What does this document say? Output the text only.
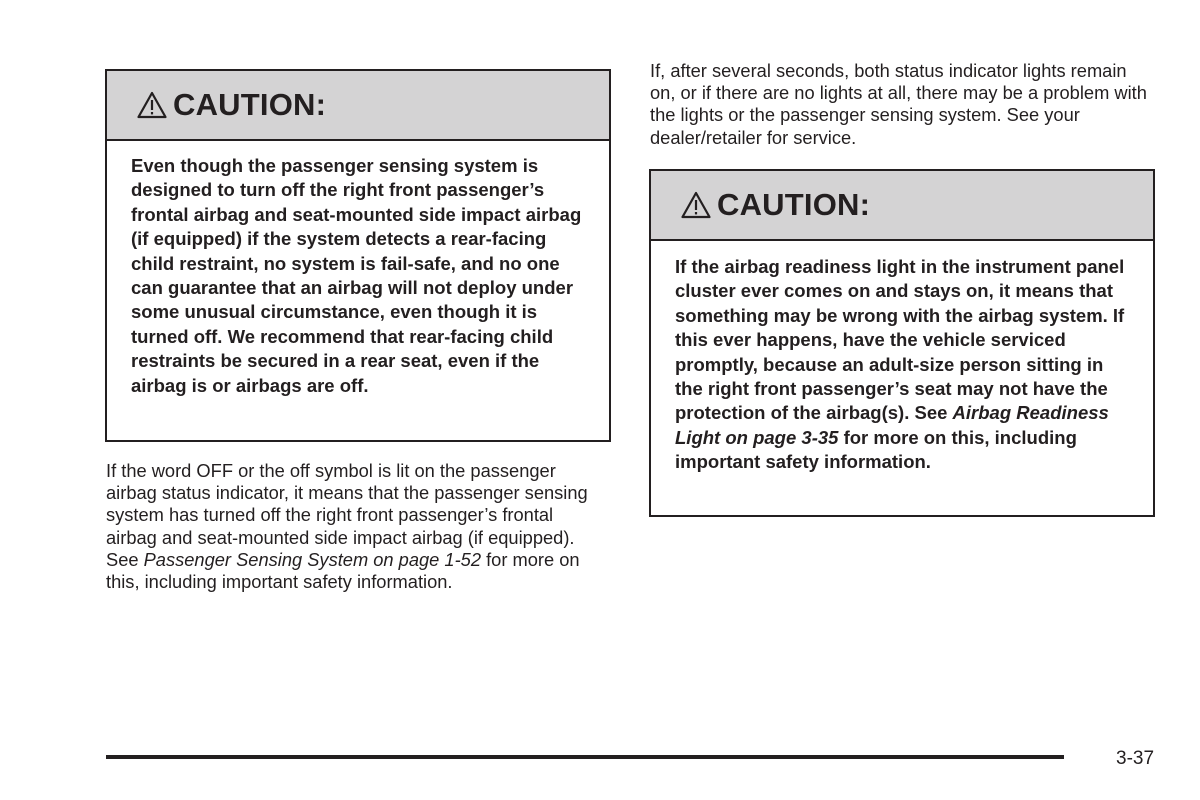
CAUTION:

Even though the passenger sensing system is designed to turn off the right front passenger’s frontal airbag and seat-mounted side impact airbag (if equipped) if the system detects a rear-facing child restraint, no system is fail-safe, and no one can guarantee that an airbag will not deploy under some unusual circumstance, even though it is turned off. We recommend that rear-facing child restraints be secured in a rear seat, even if the airbag is or airbags are off.

If the word OFF or the off symbol is lit on the passenger airbag status indicator, it means that the passenger sensing system has turned off the right front passenger’s frontal airbag and seat-mounted side impact airbag (if equipped). See Passenger Sensing System on page 1-52 for more on this, including important safety information.

If, after several seconds, both status indicator lights remain on, or if there are no lights at all, there may be a problem with the lights or the passenger sensing system. See your dealer/retailer for service.

CAUTION:

If the airbag readiness light in the instrument panel cluster ever comes on and stays on, it means that something may be wrong with the airbag system. If this ever happens, have the vehicle serviced promptly, because an adult-size person sitting in the right front passenger’s seat may not have the protection of the airbag(s). See Airbag Readiness Light on page 3-35 for more on this, including important safety information.

3-37
